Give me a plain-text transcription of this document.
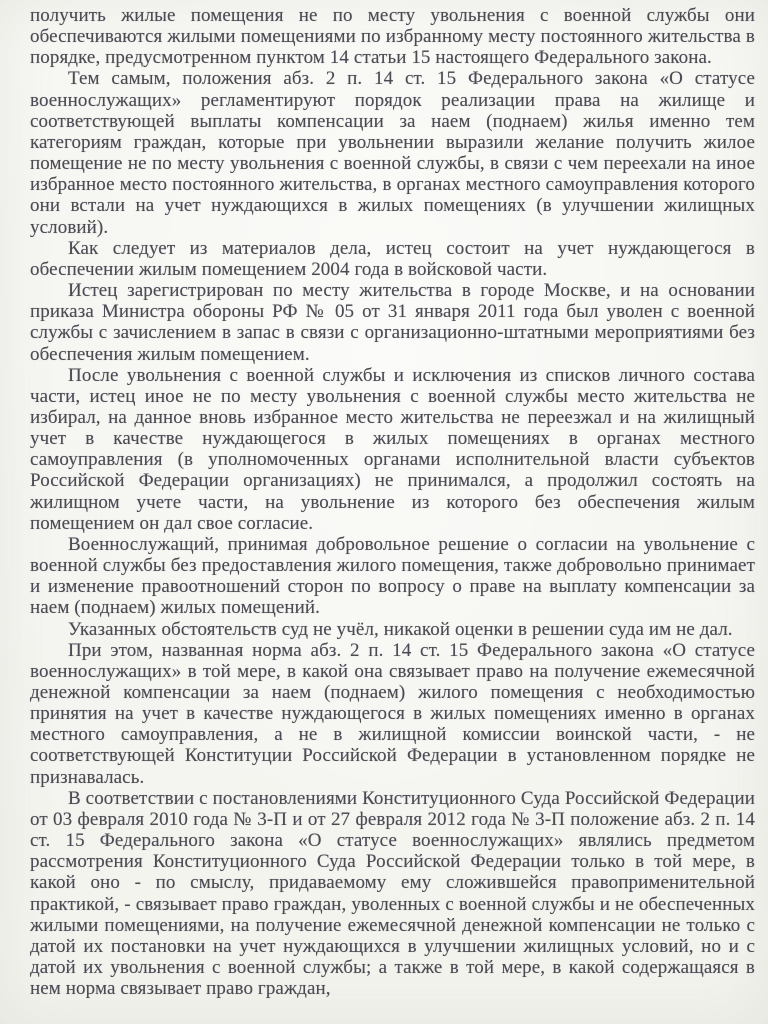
получить жилые помещения не по месту увольнения с военной службы они обеспечиваются жилыми помещениями по избранному месту постоянного жительства в порядке, предусмотренном пунктом 14 статьи 15 настоящего Федерального закона.

Тем самым, положения абз. 2 п. 14 ст. 15 Федерального закона «О статусе военнослужащих» регламентируют порядок реализации права на жилище и соответствующей выплаты компенсации за наем (поднаем) жилья именно тем категориям граждан, которые при увольнении выразили желание получить жилое помещение не по месту увольнения с военной службы, в связи с чем переехали на иное избранное место постоянного жительства, в органах местного самоуправления которого они встали на учет нуждающихся в жилых помещениях (в улучшении жилищных условий).

Как следует из материалов дела, истец состоит на учет нуждающегося в обеспечении жилым помещением 2004 года в войсковой части.

Истец зарегистрирован по месту жительства в городе Москве, и на основании приказа Министра обороны РФ № 05 от 31 января 2011 года был уволен с военной службы с зачислением в запас в связи с организационно-штатными мероприятиями без обеспечения жилым помещением.

После увольнения с военной службы и исключения из списков личного состава части, истец иное не по месту увольнения с военной службы место жительства не избирал, на данное вновь избранное место жительства не переезжал и на жилищный учет в качестве нуждающегося в жилых помещениях в органах местного самоуправления (в уполномоченных органами исполнительной власти субъектов Российской Федерации организациях) не принимался, а продолжил состоять на жилищном учете части, на увольнение из которого без обеспечения жилым помещением он дал свое согласие.

Военнослужащий, принимая добровольное решение о согласии на увольнение с военной службы без предоставления жилого помещения, также добровольно принимает и изменение правоотношений сторон по вопросу о праве на выплату компенсации за наем (поднаем) жилых помещений.

Указанных обстоятельств суд не учёл, никакой оценки в решении суда им не дал.

При этом, названная норма абз. 2 п. 14 ст. 15 Федерального закона «О статусе военнослужащих» в той мере, в какой она связывает право на получение ежемесячной денежной компенсации за наем (поднаем) жилого помещения с необходимостью принятия на учет в качестве нуждающегося в жилых помещениях именно в органах местного самоуправления, а не в жилищной комиссии воинской части, - не соответствующей Конституции Российской Федерации в установленном порядке не признавалась.

В соответствии с постановлениями Конституционного Суда Российской Федерации от 03 февраля 2010 года № 3-П и от 27 февраля 2012 года № 3-П положение абз. 2 п. 14 ст. 15 Федерального закона «О статусе военнослужащих» являлись предметом рассмотрения Конституционного Суда Российской Федерации только в той мере, в какой оно - по смыслу, придаваемому ему сложившейся правоприменительной практикой, - связывает право граждан, уволенных с военной службы и не обеспеченных жилыми помещениями, на получение ежемесячной денежной компенсации не только с датой их постановки на учет нуждающихся в улучшении жилищных условий, но и с датой их увольнения с военной службы; а также в той мере, в какой содержащаяся в нем норма связывает право граждан,
